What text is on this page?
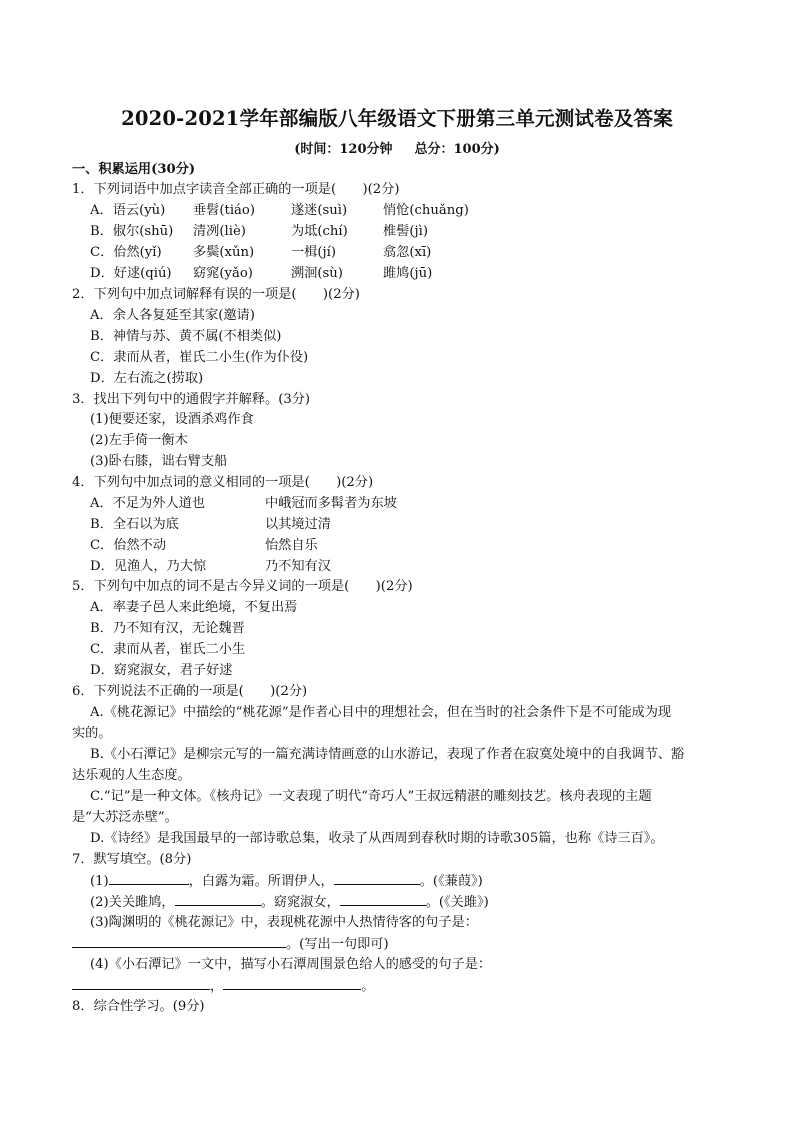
2020-2021学年部编版八年级语文下册第三单元测试卷及答案
(时间：120分钟 总分：100分)
一、积累运用(30分)
1．下列词语中加点字读音全部正确的一项是(　　)(2分)
A．语云(yù) 垂髫(tiáo)	遂迷(suì)	悄怆(chuǎng)
B．俶尔(shū) 清冽(liè)	为坻(chí)	椎髻(jì)
C．佁然(yǐ) 多鬓(xǔn)	一楫(jí)	翕忽(xī)
D．好逑(qiú) 窈窕(yǎo)	溯洄(sù)	雎鸠(jū)
2．下列句中加点词解释有误的一项是(　　)(2分)
A．余人各复延至其家(邀请)
B．神情与苏、黄不属(不相类似)
C．隶而从者，崔氏二小生(作为仆役)
D．左右流之(捞取)
3．找出下列句中的通假字并解释。(3分)
(1)便要还家，设酒杀鸡作食
(2)左手倚一衡木
(3)卧右膝，诎右臂支船
4．下列句中加点词的意义相同的一项是(　　)(2分)
A．不足为外人道也	中峨冠而多髯者为东坡
B．全石以为底	以其境过清
C．佁然不动	怡然自乐
D．见渔人，乃大惊	乃不知有汉
5．下列句中加点的词不是古今异义词的一项是(　　)(2分)
A．率妻子邑人来此绝境，不复出焉
B．乃不知有汉，无论魏晋
C．隶而从者，崔氏二小生
D．窈窕淑女，君子好逑
6．下列说法不正确的一项是(　　)(2分)
A.《桃花源记》中描绘的“桃花源”是作者心目中的理想社会，但在当时的社会条件下是不可能成为现
实的。
B.《小石潭记》是柳宗元写的一篇充满诗情画意的山水游记，表现了作者在寂寞处境中的自我调节、豁
达乐观的人生态度。
C.“记”是一种文体。《核舟记》一文表现了明代“奇巧人”王叔远精湛的雕刻技艺。核舟表现的主题
是“大苏泛赤壁”。
D.《诗经》是我国最早的一部诗歌总集，收录了从西周到春秋时期的诗歌305篇，也称《诗三百》。
7．默写填空。(8分)
(1)	，白露为霜。所谓伊人，	。(《蒹葭》)
(2)关关雎鸠，	。窈窕淑女，	。(《关雎》)
(3)陶渊明的《桃花源记》中，表现桃花源中人热情待客的句子是：
。(写出一句即可)
(4)《小石潭记》一文中，描写小石潭周围景色给人的感受的句子是：
，	。
8．综合性学习。(9分)
